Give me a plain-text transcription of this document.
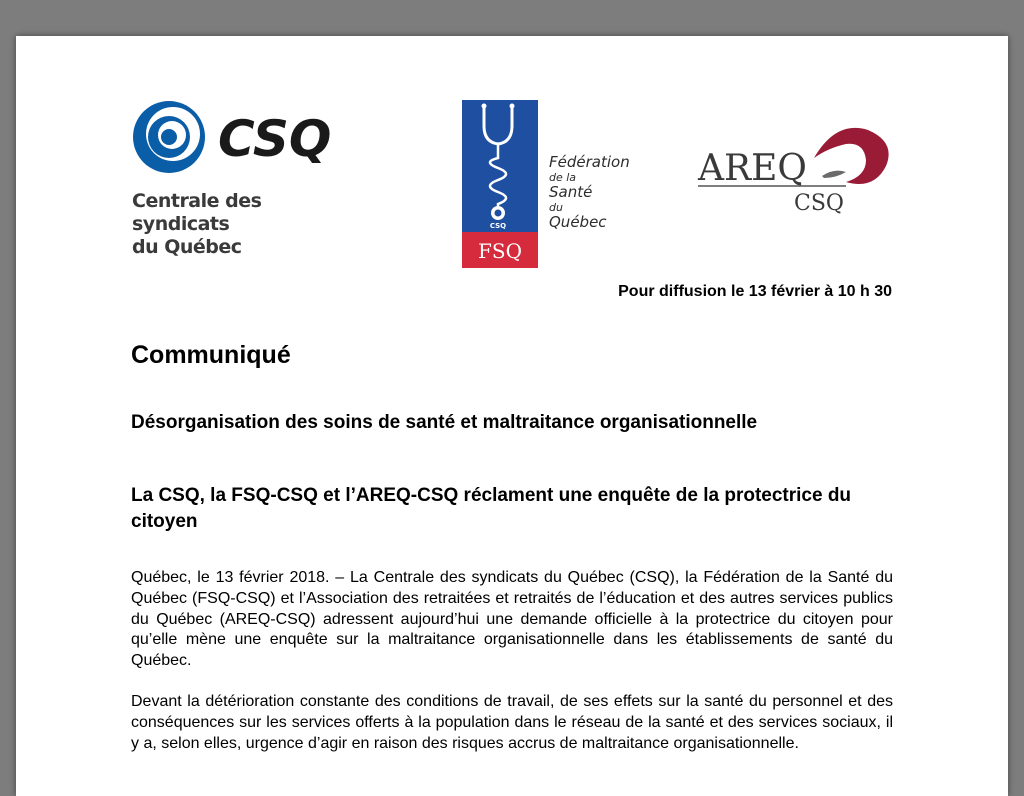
CSQ
Centrale des syndicats
du Québec
CSQ
FSQ
Fédération
de la
Santé
du
Québec
AREQ
CSQ
Pour diffusion le 13 février à 10 h 30
Communiqué
Désorganisation des soins de santé et maltraitance organisationnelle
La CSQ, la FSQ-CSQ et l’AREQ-CSQ réclament une enquête de la protectrice du citoyen
Québec, le 13 février 2018. – La Centrale des syndicats du Québec (CSQ), la Fédération de la Santé du Québec (FSQ-CSQ) et l’Association des retraitées et retraités de l’éducation et des autres services publics du Québec (AREQ-CSQ) adressent aujourd’hui une demande officielle à la protectrice du citoyen pour qu’elle mène une enquête sur la maltraitance organisationnelle dans les établissements de santé du Québec.
Devant la détérioration constante des conditions de travail, de ses effets sur la santé du personnel et des conséquences sur les services offerts à la population dans le réseau de la santé et des services sociaux, il y a, selon elles, urgence d’agir en raison des risques accrus de maltraitance organisationnelle.
